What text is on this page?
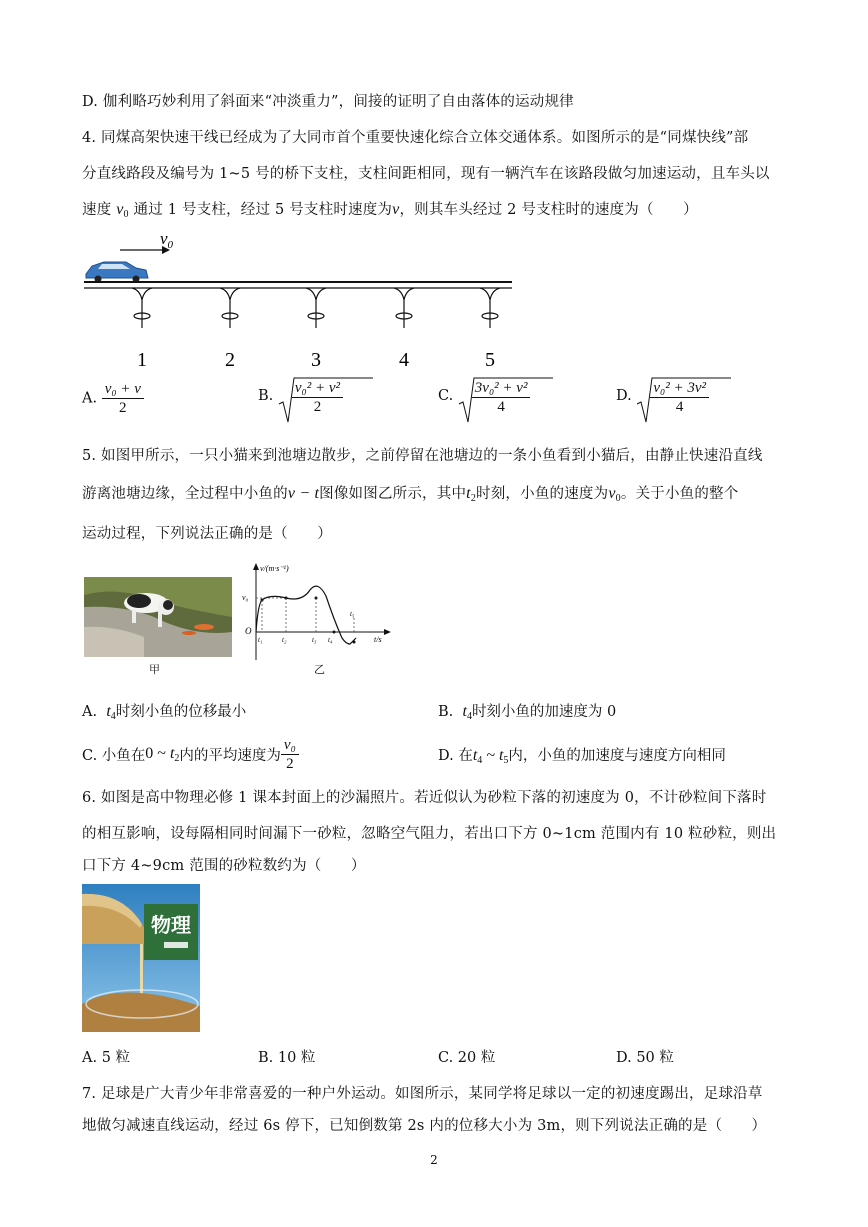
D. 伽利略巧妙利用了斜面来“冲淡重力”，间接的证明了自由落体的运动规律
4. 同煤高架快速干线已经成为了大同市首个重要快速化综合立体交通体系。如图所示的是“同煤快线”部
分直线路段及编号为 1~5 号的桥下支柱，支柱间距相同，现有一辆汽车在该路段做匀加速运动，且车头以
速度 $v_0$ 通过 1 号支柱，经过 5 号支柱时速度为v，则其车头经过 2 号支柱时的速度为（　　）
$v_0$
1	2	3	4	5
A. $\frac{\text{v₀ + v}}{2}$	B. $\frac{\text{v₀² + v²}}{2}$	C. $\frac{\text{3v₀² + v²}}{4}$	D. $\frac{\text{v₀² + 3v²}}{4}$
5. 如图甲所示，一只小猫来到池塘边散步，之前停留在池塘边的一条小鱼看到小猫后，由静止快速沿直线
游离池塘边缘，全过程中小鱼的v − t图像如图乙所示，其中$t_2$时刻，小鱼的速度为$v_0$。关于小鱼的整个
运动过程，下列说法正确的是（　　）
甲
v/(m·s⁻¹)
t/s
O
v₀
t₁	t₂	t₃ t₄
t₅
乙
A. $t_4$时刻小鱼的位移最小	B. $t_4$时刻小鱼的加速度为 0
C. 小鱼在0 ~ $t_2$内的平均速度为 $\frac{\text{v₀}}{2}$	D. 在$t_4$ ~ $t_5$内，小鱼的加速度与速度方向相同
6. 如图是高中物理必修 1 课本封面上的沙漏照片。若近似认为砂粒下落的初速度为 0，不计砂粒间下落时
的相互影响，设每隔相同时间漏下一砂粒，忽略空气阻力，若出口下方 0~1cm 范围内有 10 粒砂粒，则出
口下方 4~9cm 范围的砂粒数约为（　　）
物理
A. 5 粒	B. 10 粒	C. 20 粒	D. 50 粒
7. 足球是广大青少年非常喜爱的一种户外运动。如图所示，某同学将足球以一定的初速度踢出，足球沿草
地做匀减速直线运动，经过 6s 停下，已知倒数第 2s 内的位移大小为 3m，则下列说法正确的是（　　）
2
